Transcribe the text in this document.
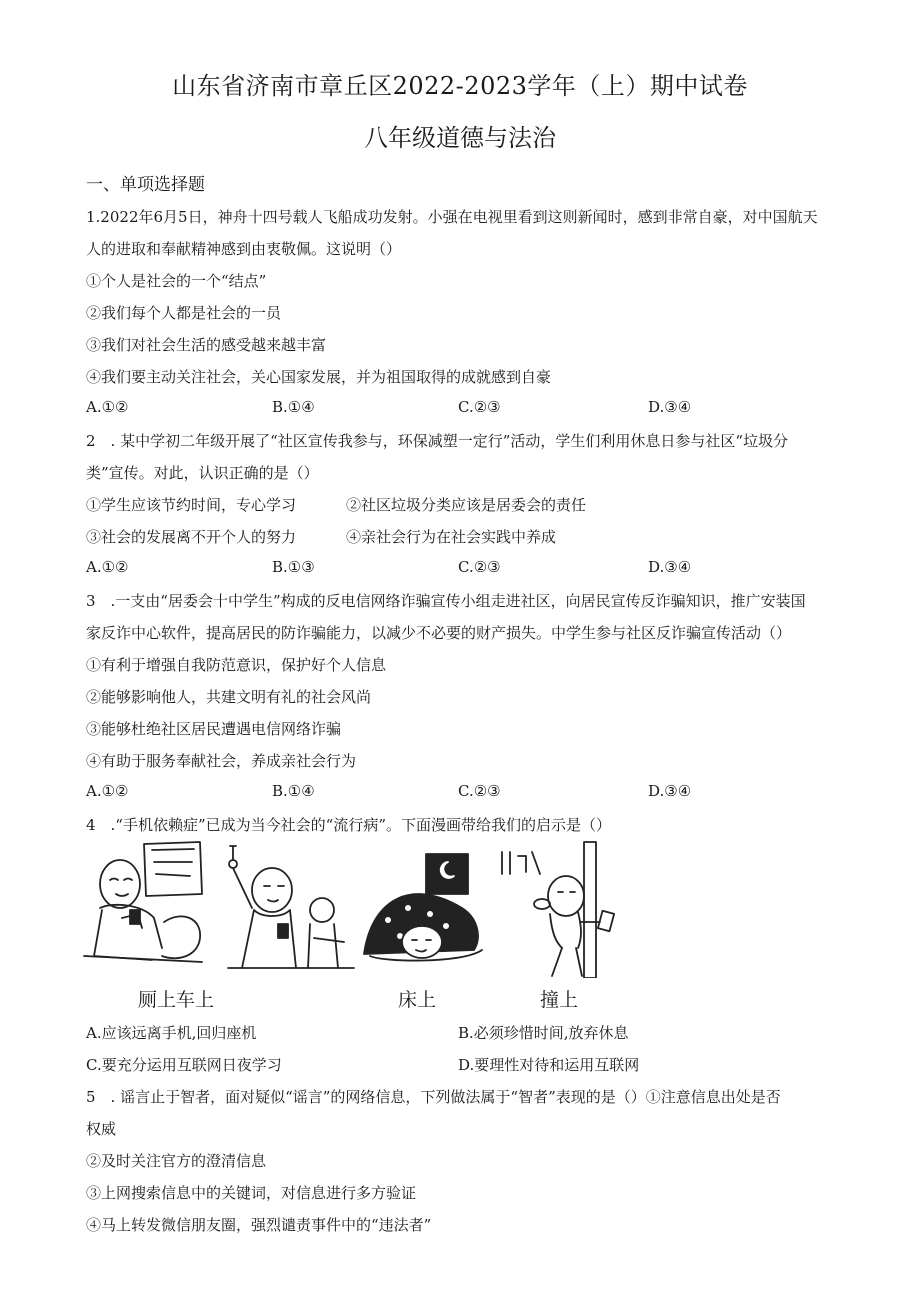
山东省济南市章丘区2022-2023学年（上）期中试卷
八年级道德与法治
一、单项选择题
1.2022年6月5日，神舟十四号载人飞船成功发射。小强在电视里看到这则新闻时，感到非常自豪，对中国航天
人的进取和奉献精神感到由衷敬佩。这说明（）
①个人是社会的一个“结点”
②我们每个人都是社会的一员
③我们对社会生活的感受越来越丰富
④我们要主动关注社会，关心国家发展，并为祖国取得的成就感到自豪
A.①②	B.①④	C.②③	D.③④
2　. 某中学初二年级开展了“社区宣传我参与，环保减塑一定行”活动，学生们利用休息日参与社区“垃圾分
类”宣传。对此，认识正确的是（）
①学生应该节约时间，专心学习	②社区垃圾分类应该是居委会的责任
③社会的发展离不开个人的努力	④亲社会行为在社会实践中养成
A.①②	B.①③	C.②③	D.③④
3　.一支由“居委会十中学生”构成的反电信网络诈骗宣传小组走进社区，向居民宣传反诈骗知识，推广安装国
家反诈中心软件，提高居民的防诈骗能力，以减少不必要的财产损失。中学生参与社区反诈骗宣传活动（）
①有利于增强自我防范意识，保护好个人信息
②能够影响他人，共建文明有礼的社会风尚
③能够杜绝社区居民遭遇电信网络诈骗
④有助于服务奉献社会，养成亲社会行为
A.①②	B.①④	C.②③	D.③④
4　.“手机依赖症”已成为当今社会的“流行病”。下面漫画带给我们的启示是（）
厕上车上	床上	撞上
A.应该远离手机,回归座机	B.必须珍惜时间,放弃休息
C.要充分运用互联网日夜学习	D.要理性对待和运用互联网
5　. 谣言止于智者，面对疑似“谣言”的网络信息，下列做法属于“智者”表现的是（）①注意信息出处是否
权威
②及时关注官方的澄清信息
③上网搜索信息中的关键词，对信息进行多方验证
④马上转发微信朋友圈，强烈谴责事件中的“违法者”
